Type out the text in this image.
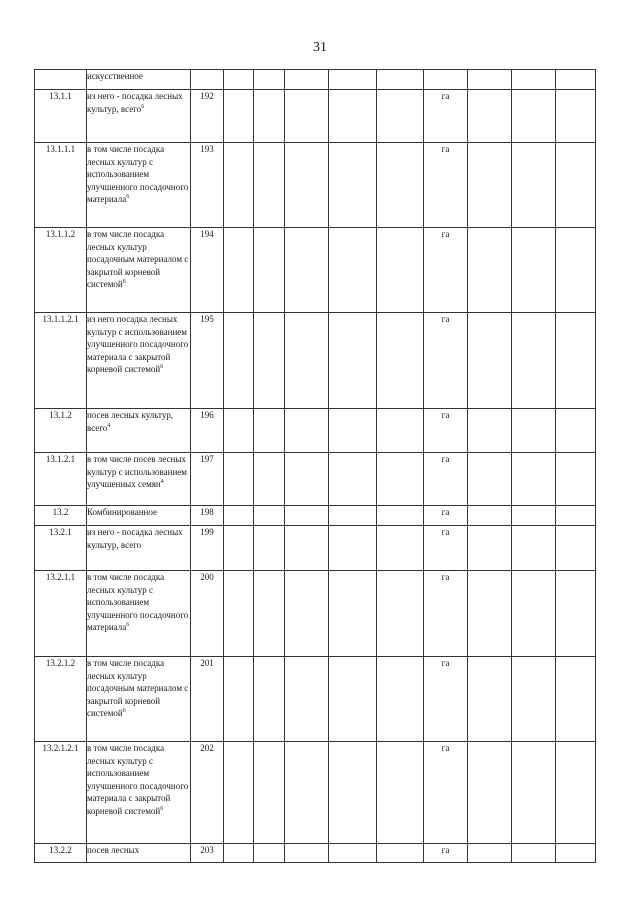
31
	искусственное										
13.1.1	из него - посадка лесных культур, всего$^6$	192						га			
13.1.1.1	в том числе посадка лесных культур с использованием улучшенного посадочного материала$^6$	193						га			
13.1.1.2	в том числе посадка лесных культур посадочным материалом с закрытой корневой системой$^6$	194						га			
13.1.1.2.1	из него посадка лесных культур с использованием улучшенного посадочного материала с закрытой корневой системой$^6$	195						га			
13.1.2	посев лесных культур, всего$^4$	196						га			
13.1.2.1	в том числе посев лесных культур с использованием улучшенных семян$^4$	197						га			
13.2	Комбинированное	198						га			
13.2.1	из него - посадка лесных культур, всего	199						га			
13.2.1.1	в том числе посадка лесных культур с использованием улучшенного посадочного материала$^6$	200						га			
13.2.1.2	в том числе посадка лесных культур посадочным материалом с закрытой корневой системой$^6$	201						га			
13.2.1.2.1	в том числе посадка лесных культур с использованием улучшенного посадочного материала с закрытой корневой системой$^6$	202						га			
13.2.2	посев лесных	203						га			
